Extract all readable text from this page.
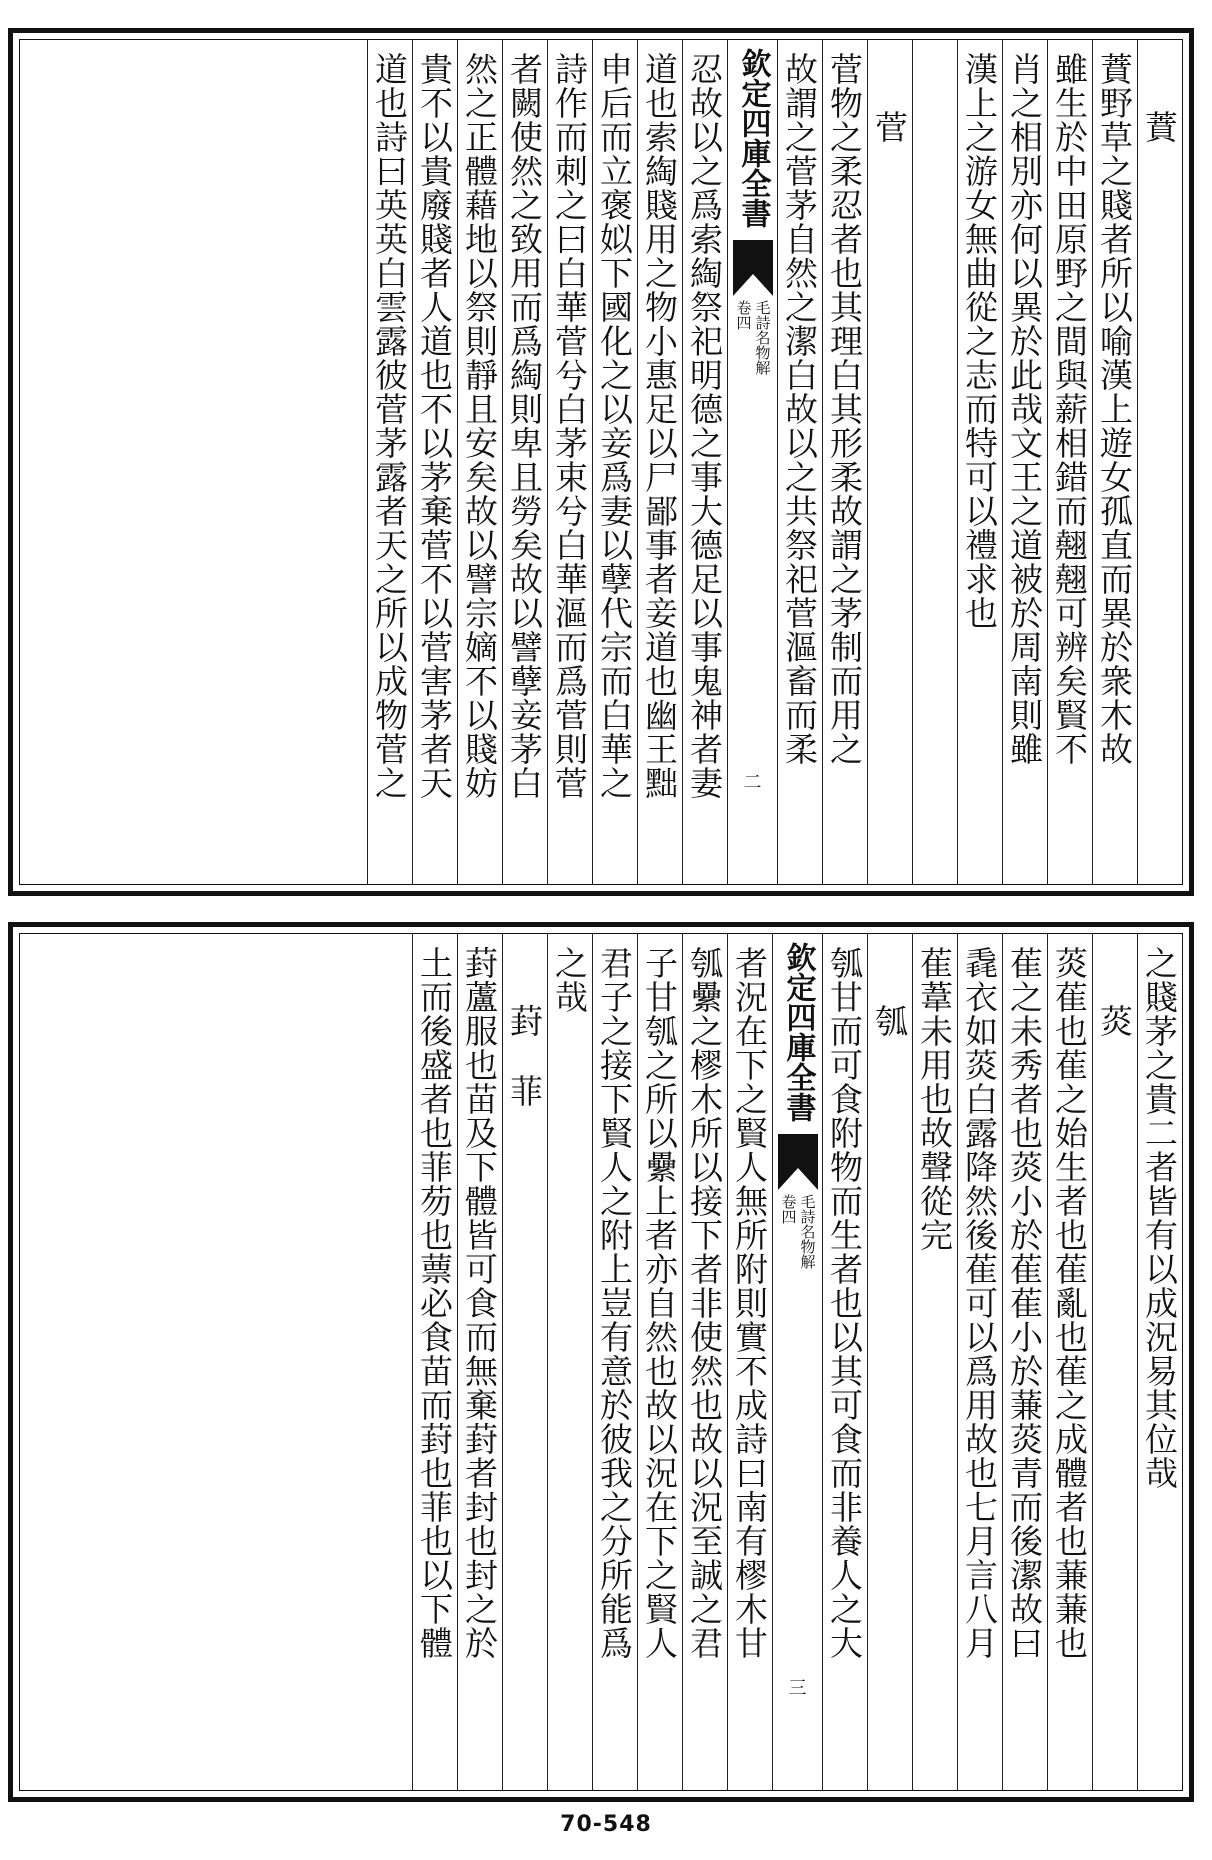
蕡
蕡野草之賤者所以喻漢上遊女孤直而異於衆木故
雖生於中田原野之間與薪相錯而翹翹可辨矣賢不
肖之相別亦何以異於此哉文王之道被於周南則雖
漢上之游女無曲從之志而特可以禮求也
菅
菅物之柔忍者也其理白其形柔故謂之茅制而用之
故謂之菅茅自然之潔白故以之共祭祀菅漚畜而柔
欽定四庫全書
毛詩名物解
卷四
二
忍故以之爲索綯祭祀明德之事大德足以事鬼神者妻
道也索綯賤用之物小惠足以尸鄙事者妾道也幽王黜
申后而立褒姒下國化之以妾爲妻以孽代宗而白華之
詩作而刺之曰白華菅兮白茅束兮白華漚而爲菅則菅
者闕使然之致用而爲綯則卑且勞矣故以譬孽妾茅白
然之正體藉地以祭則靜且安矣故以譬宗嫡不以賤妨
貴不以貴廢賤者人道也不以茅棄菅不以菅害茅者天
道也詩曰英英白雲露彼菅茅露者天之所以成物菅之
之賤茅之貴二者皆有以成況易其位哉
菼
菼萑也萑之始生者也萑亂也萑之成體者也蒹蒹也
萑之未秀者也菼小於萑萑小於蒹菼青而後潔故曰
毳衣如菼白露降然後萑可以爲用故也七月言八月
萑葦未用也故聲從完
瓠
瓠甘而可食附物而生者也以其可食而非養人之大
欽定四庫全書
毛詩名物解
卷四
三
者況在下之賢人無所附則實不成詩曰南有樛木甘
瓠纍之樛木所以接下者非使然也故以況至誠之君
子甘瓠之所以纍上者亦自然也故以況在下之賢人
君子之接下賢人之附上豈有意於彼我之分所能爲
之哉
葑菲
葑蘆服也苗及下體皆可食而無棄葑者封也封之於
土而後盛者也菲芴也蔈必食苗而葑也菲也以下體
70-548
